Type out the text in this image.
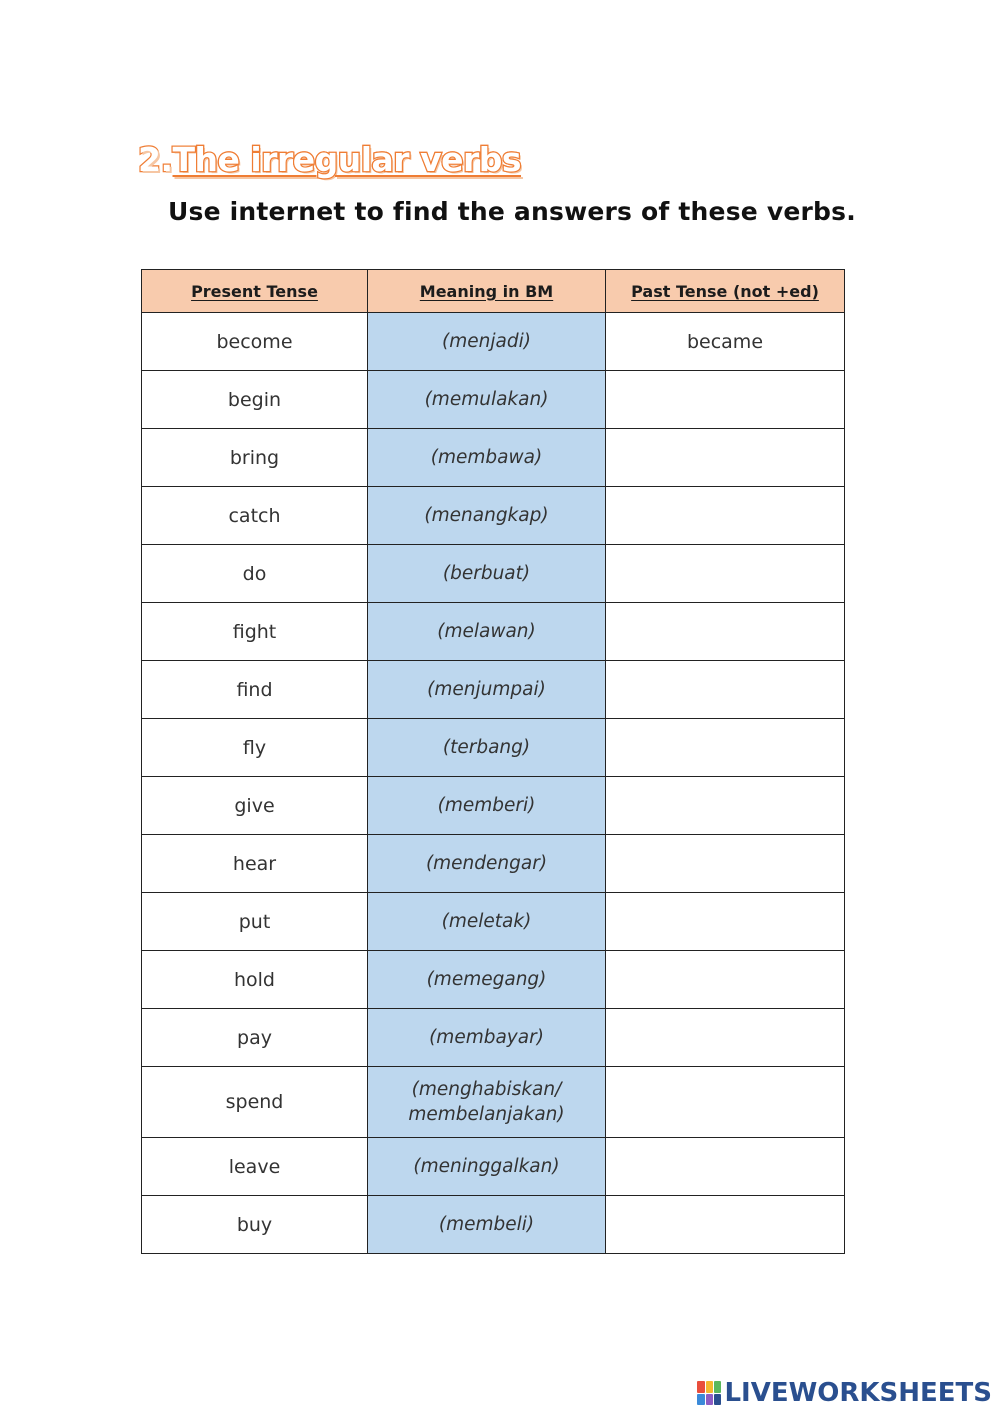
2.The irregular verbs

Use internet to find the answers of these verbs.

Present Tense	Meaning in BM	Past Tense (not +ed)
become	(menjadi)	became
begin	(memulakan)	
bring	(membawa)	
catch	(menangkap)	
do	(berbuat)	
fight	(melawan)	
find	(menjumpai)	
fly	(terbang)	
give	(memberi)	
hear	(mendengar)	
put	(meletak)	
hold	(memegang)	
pay	(membayar)	
spend	(menghabiskan/
membelanjakan)	
leave	(meninggalkan)	
buy	(membeli)	
LIVEWORKSHEETS
